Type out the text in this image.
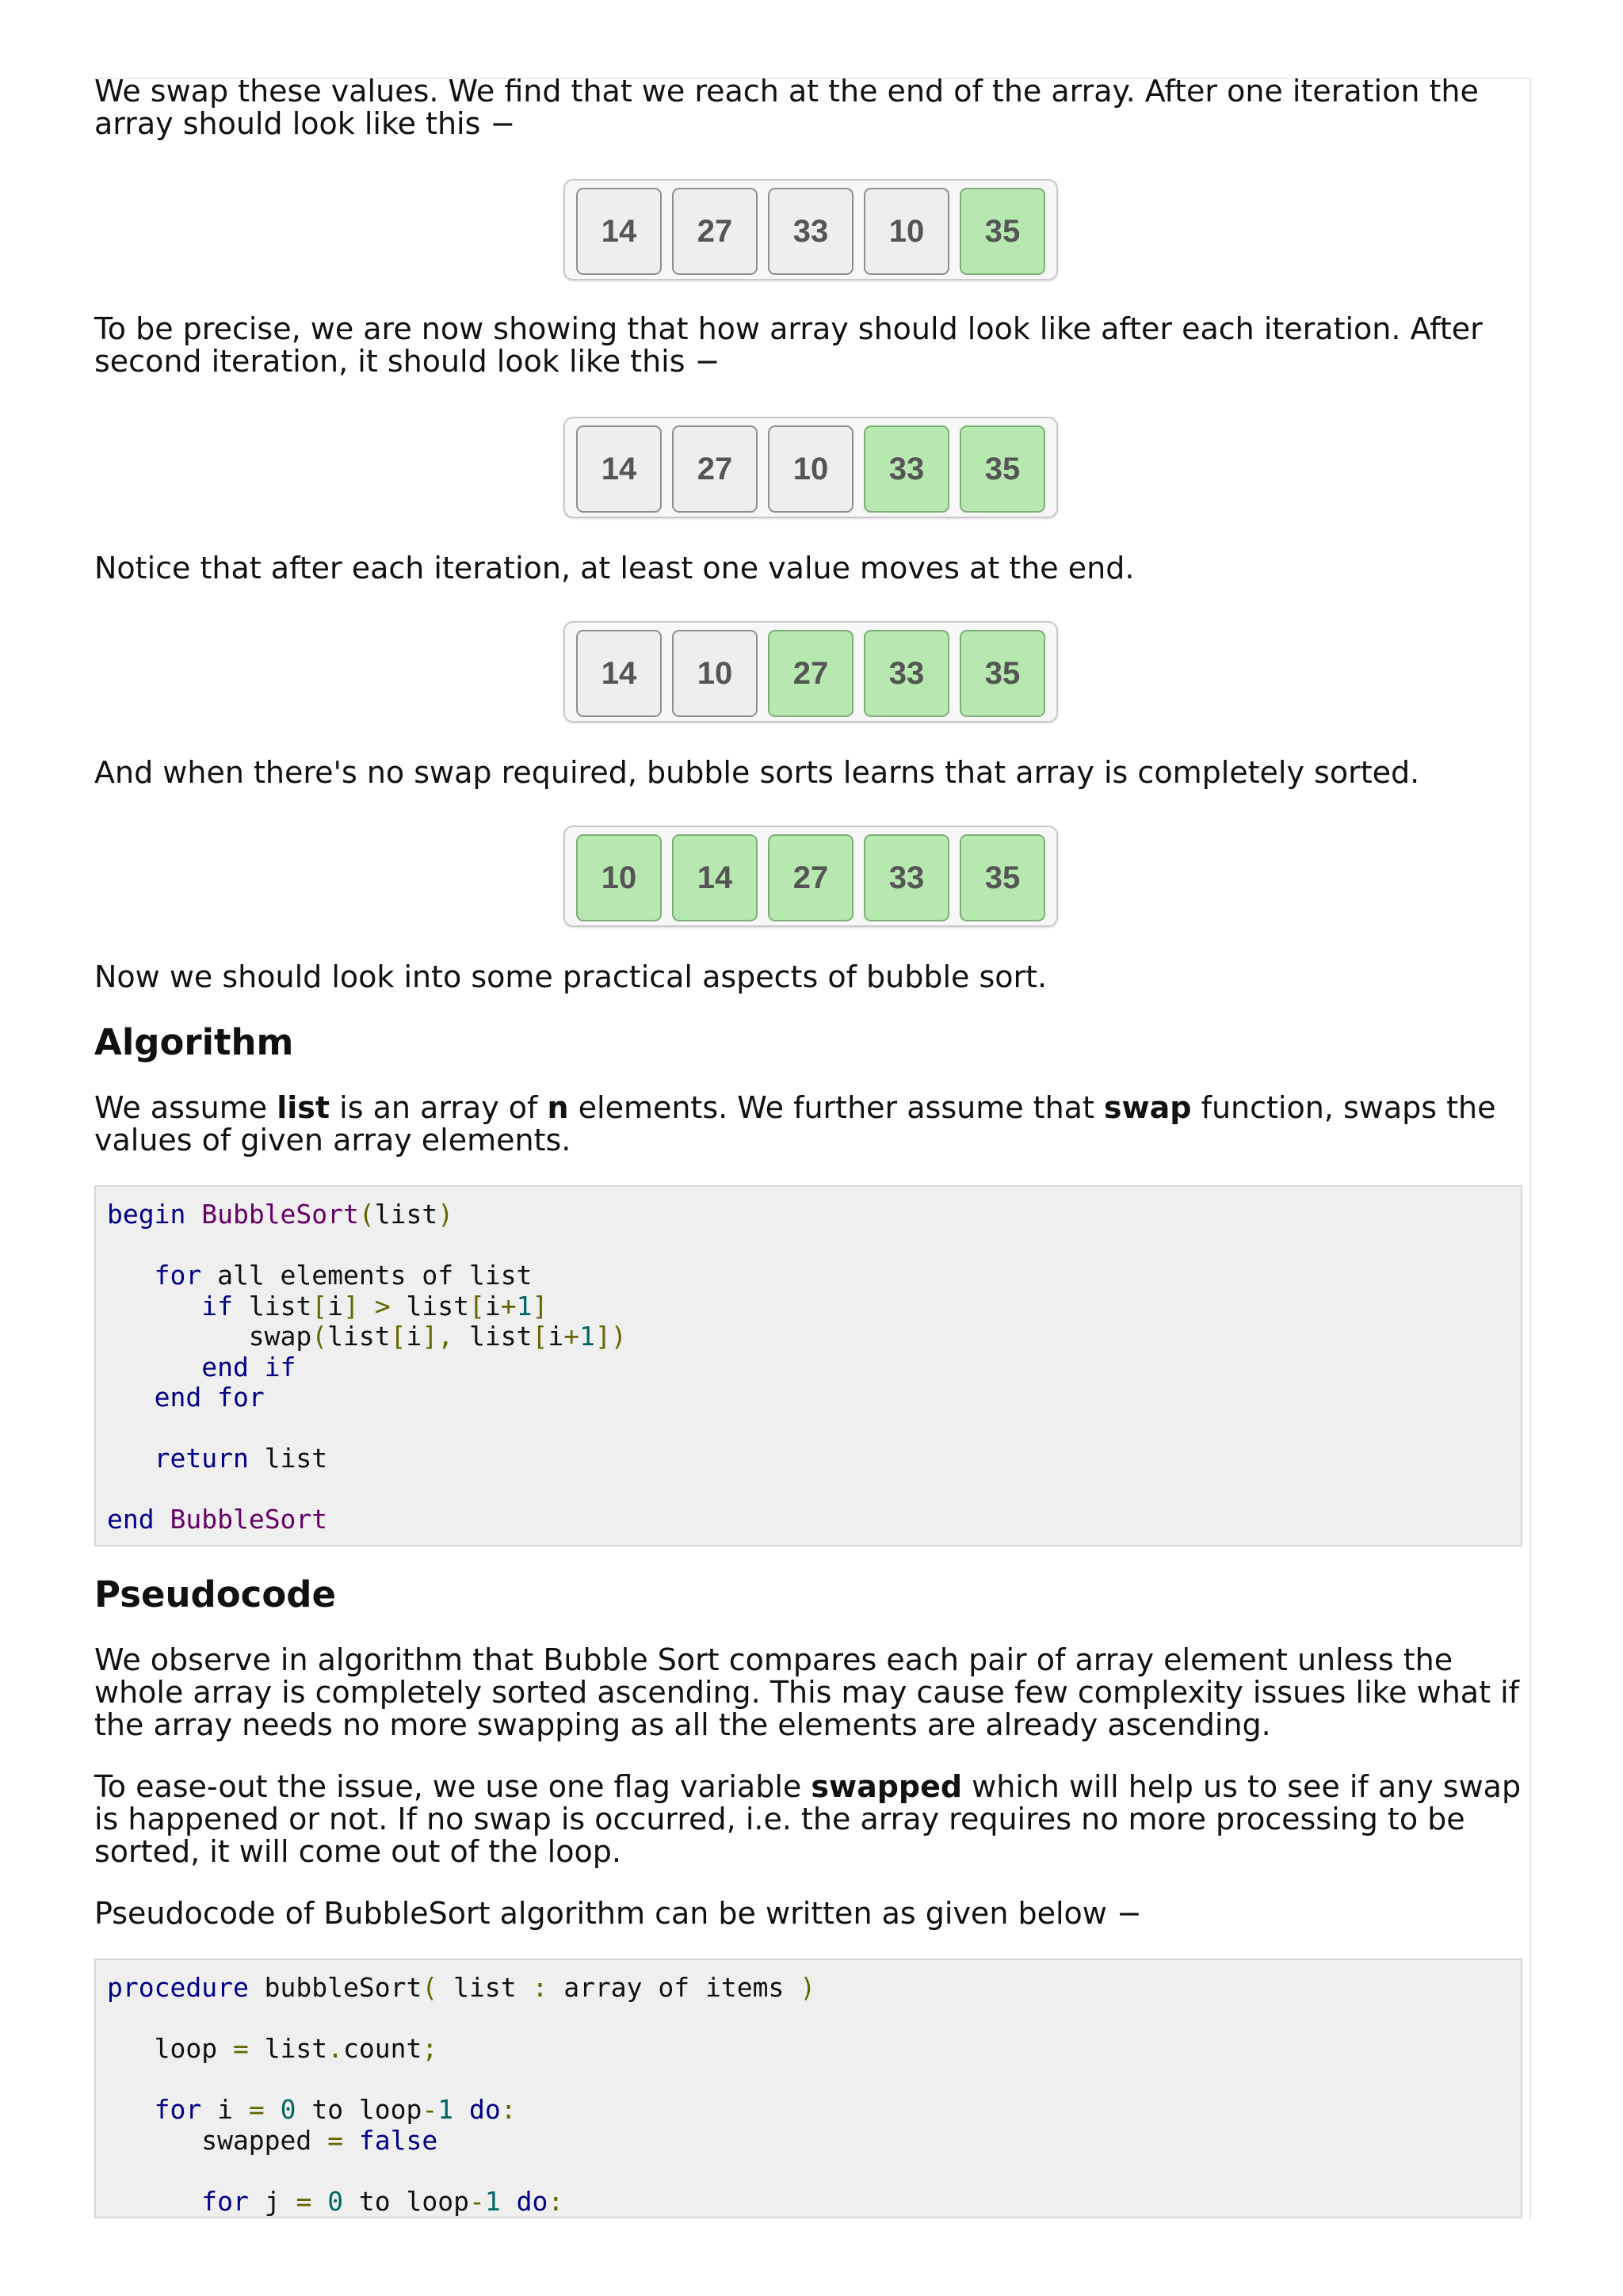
We swap these values. We find that we reach at the end of the array. After one iteration the array should look like this −

14	27	33	10	35

To be precise, we are now showing that how array should look like after each iteration. After second iteration, it should look like this −

14	27	10	33	35

Notice that after each iteration, at least one value moves at the end.

14	10	27	33	35

And when there's no swap required, bubble sorts learns that array is completely sorted.

10	14	27	33	35

Now we should look into some practical aspects of bubble sort.

Algorithm

We assume list is an array of n elements. We further assume that swap function, swaps the values of given array elements.

begin BubbleSort(list)

for all elements of list
if list[i] > list[i+1]
swap(list[i], list[i+1])
end if
end for

return list

end BubbleSort
Pseudocode

We observe in algorithm that Bubble Sort compares each pair of array element unless the whole array is completely sorted ascending. This may cause few complexity issues like what if the array needs no more swapping as all the elements are already ascending.

To ease-out the issue, we use one flag variable swapped which will help us to see if any swap is happened or not. If no swap is occurred, i.e. the array requires no more processing to be sorted, it will come out of the loop.

Pseudocode of BubbleSort algorithm can be written as given below −

procedure bubbleSort( list : array of items )

loop = list.count;

for i = 0 to loop-1 do:
swapped = false

for j = 0 to loop-1 do:
